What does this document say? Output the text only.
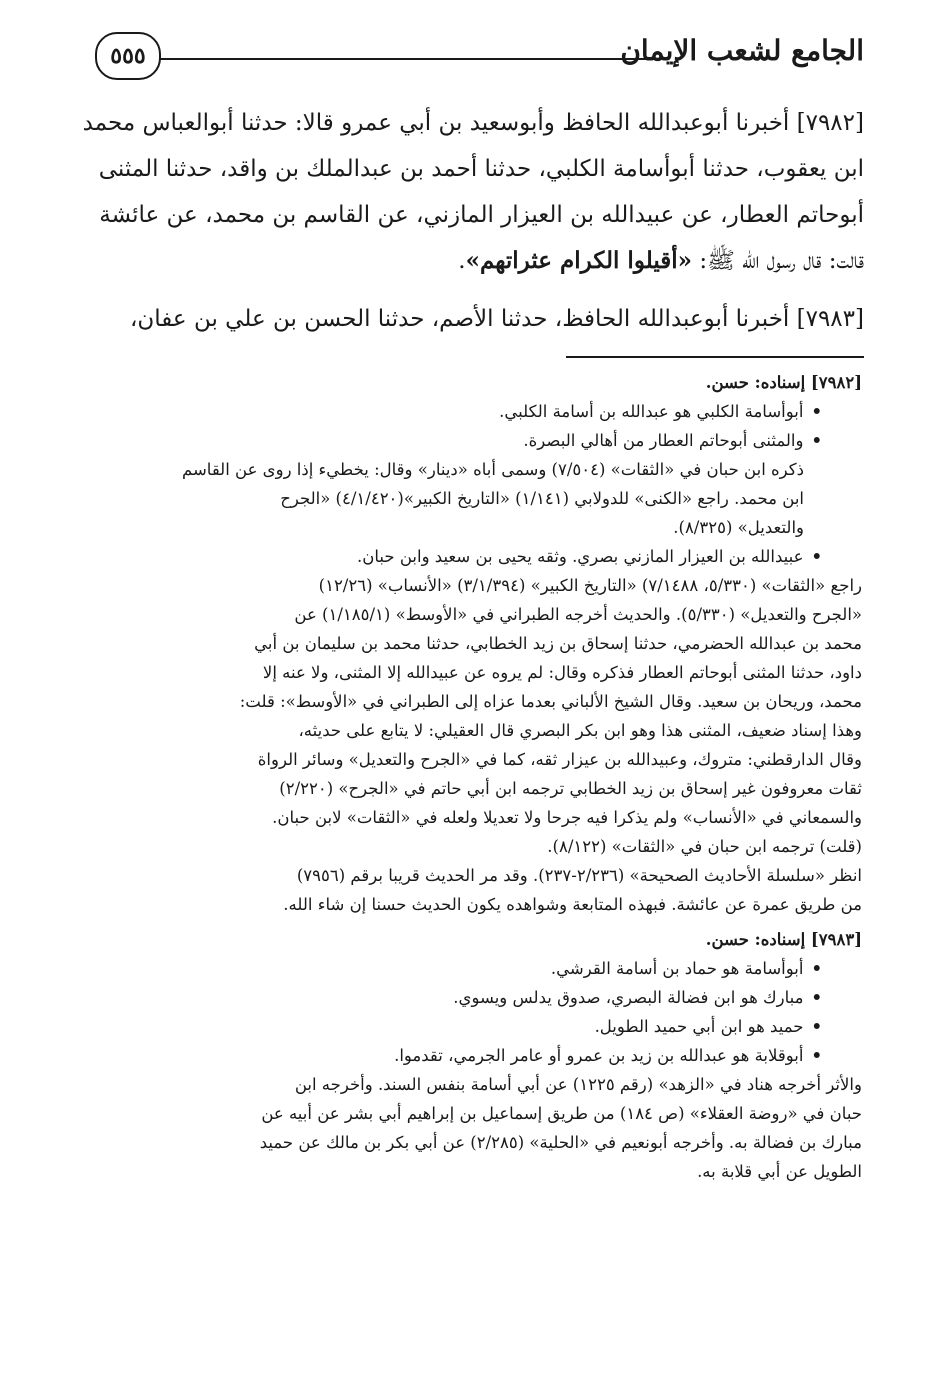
الجامع لشعب الإيمان
٥٥٥
[٧٩٨٢] أخبرنا أبوعبدالله الحافظ وأبوسعيد بن أبي عمرو قالا: حدثنا أبوالعباس محمد
ابن يعقوب، حدثنا أبوأسامة الكلبي، حدثنا أحمد بن عبدالملك بن واقد، حدثنا المثنى
أبوحاتم العطار، عن عبيدالله بن العيزار المازني، عن القاسم بن محمد، عن عائشة
قالت: قال رسول الله ﷺ: «أقيلوا الكرام عثراتهم».
[٧٩٨٣] أخبرنا أبوعبدالله الحافظ، حدثنا الأصم، حدثنا الحسن بن علي بن عفان،
[٧٩٨٢] إسناده: حسن.
• أبوأسامة الكلبي هو عبدالله بن أسامة الكلبي.
• والمثنى أبوحاتم العطار من أهالي البصرة.
ذكره ابن حبان في «الثقات» (٧/٥٠٤) وسمى أباه «دينار» وقال: يخطيء إذا روى عن القاسم
ابن محمد. راجع «الكنى» للدولابي (١/١٤١) «التاريخ الكبير»(٤/١/٤٢٠) «الجرح
والتعديل» (٨/٣٢٥).
• عبيدالله بن العيزار المازني بصري. وثقه يحيى بن سعيد وابن حبان.
راجع «الثقات» (٥/٣٣٠، ٧/١٤٨٨) «التاريخ الكبير» (٣/١/٣٩٤) «الأنساب» (١٢/٢٦)
«الجرح والتعديل» (٥/٣٣٠). والحديث أخرجه الطبراني في «الأوسط» (١/١٨٥/١) عن
محمد بن عبدالله الحضرمي، حدثنا إسحاق بن زيد الخطابي، حدثنا محمد بن سليمان بن أبي
داود، حدثنا المثنى أبوحاتم العطار فذكره وقال: لم يروه عن عبيدالله إلا المثنى، ولا عنه إلا
محمد، وريحان بن سعيد. وقال الشيخ الألباني بعدما عزاه إلى الطبراني في «الأوسط»: قلت:
وهذا إسناد ضعيف، المثنى هذا وهو ابن بكر البصري قال العقيلي: لا يتابع على حديثه،
وقال الدارقطني: متروك، وعبيدالله بن عيزار ثقه، كما في «الجرح والتعديل» وسائر الرواة
ثقات معروفون غير إسحاق بن زيد الخطابي ترجمه ابن أبي حاتم في «الجرح» (٢/٢٢٠)
والسمعاني في «الأنساب» ولم يذكرا فيه جرحا ولا تعديلا ولعله في «الثقات» لابن حبان.
(قلت) ترجمه ابن حبان في «الثقات» (٨/١٢٢).
انظر «سلسلة الأحاديث الصحيحة» (٢/٢٣٦-٢٣٧). وقد مر الحديث قريبا برقم (٧٩٥٦)
من طريق عمرة عن عائشة. فبهذه المتابعة وشواهده يكون الحديث حسنا إن شاء الله.
[٧٩٨٣] إسناده: حسن.
• أبوأسامة هو حماد بن أسامة القرشي.
• مبارك هو ابن فضالة البصري، صدوق يدلس ويسوي.
• حميد هو ابن أبي حميد الطويل.
• أبوقلابة هو عبدالله بن زيد بن عمرو أو عامر الجرمي، تقدموا.
والأثر أخرجه هناد في «الزهد» (رقم ١٢٢٥) عن أبي أسامة بنفس السند. وأخرجه ابن
حبان في «روضة العقلاء» (ص ١٨٤) من طريق إسماعيل بن إبراهيم أبي بشر عن أبيه عن
مبارك بن فضالة به. وأخرجه أبونعيم في «الحلية» (٢/٢٨٥) عن أبي بكر بن مالك عن حميد
الطويل عن أبي قلابة به.
